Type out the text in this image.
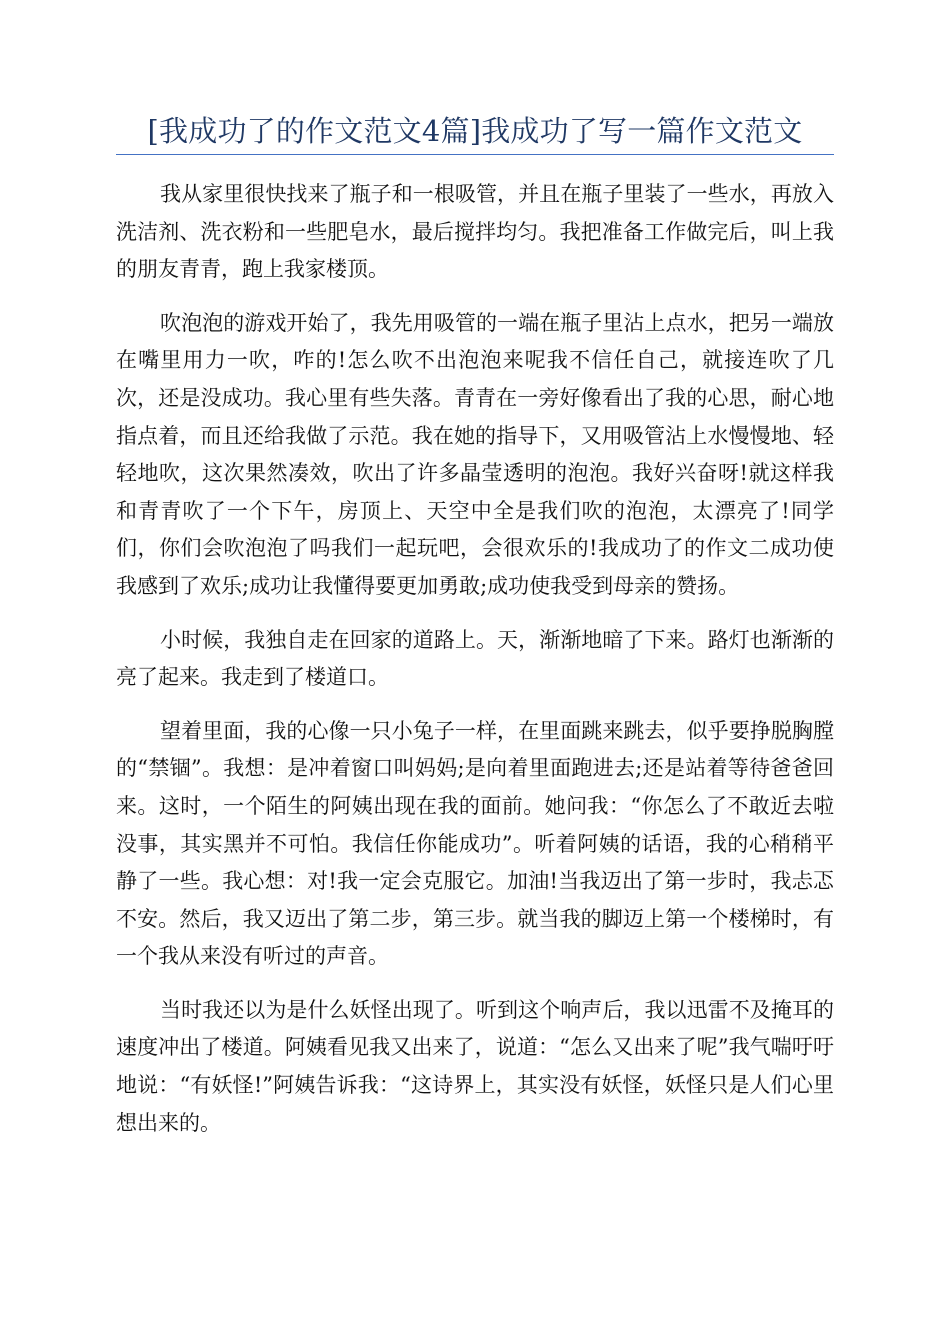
[我成功了的作文范文4篇]我成功了写一篇作文范文

我从家里很快找来了瓶子和一根吸管，并且在瓶子里装了一些水，再放入洗洁剂、洗衣粉和一些肥皂水，最后搅拌均匀。我把准备工作做完后，叫上我的朋友青青，跑上我家楼顶。

吹泡泡的游戏开始了，我先用吸管的一端在瓶子里沾上点水，把另一端放在嘴里用力一吹，咋的!怎么吹不出泡泡来呢我不信任自己，就接连吹了几次，还是没成功。我心里有些失落。青青在一旁好像看出了我的心思，耐心地指点着，而且还给我做了示范。我在她的指导下，又用吸管沾上水慢慢地、轻轻地吹，这次果然凑效，吹出了许多晶莹透明的泡泡。我好兴奋呀!就这样我和青青吹了一个下午，房顶上、天空中全是我们吹的泡泡，太漂亮了!同学们，你们会吹泡泡了吗我们一起玩吧，会很欢乐的!我成功了的作文二成功使我感到了欢乐;成功让我懂得要更加勇敢;成功使我受到母亲的赞扬。

小时候，我独自走在回家的道路上。天，渐渐地暗了下来。路灯也渐渐的亮了起来。我走到了楼道口。

望着里面，我的心像一只小兔子一样，在里面跳来跳去，似乎要挣脱胸膛的“禁锢”。我想：是冲着窗口叫妈妈;是向着里面跑进去;还是站着等待爸爸回来。这时，一个陌生的阿姨出现在我的面前。她问我：“你怎么了不敢近去啦没事，其实黑并不可怕。我信任你能成功”。听着阿姨的话语，我的心稍稍平静了一些。我心想：对!我一定会克服它。加油!当我迈出了第一步时，我忐忑不安。然后，我又迈出了第二步，第三步。就当我的脚迈上第一个楼梯时，有一个我从来没有听过的声音。

当时我还以为是什么妖怪出现了。听到这个响声后，我以迅雷不及掩耳的速度冲出了楼道。阿姨看见我又出来了，说道：“怎么又出来了呢”我气喘吁吁地说：“有妖怪!”阿姨告诉我：“这诗界上，其实没有妖怪，妖怪只是人们心里想出来的。
